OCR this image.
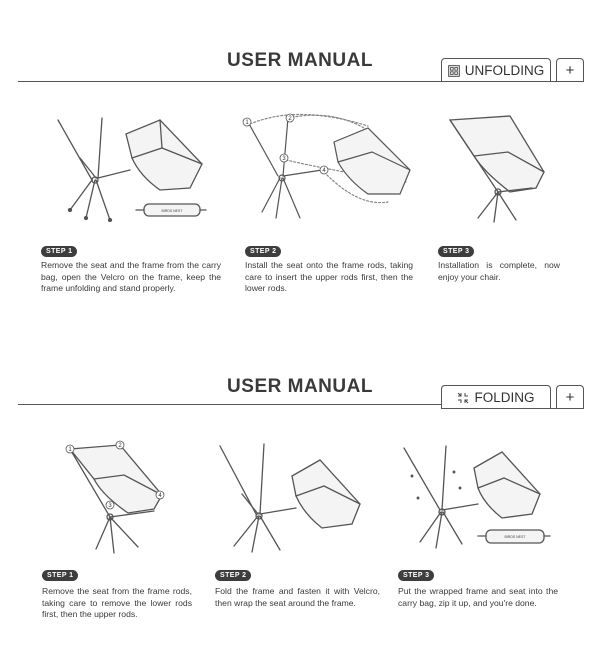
USER MANUAL	UNFOLDING	+
BIRDS NEST
1
2
3
4
STEP 1
Remove the seat and the frame from the carry bag, open the Velcro on the frame, keep the frame unfolding and stand properly.
STEP 2
Install the seat onto the frame rods, taking care to insert the upper rods first, then the lower rods.
STEP 3
Installation is complete, now enjoy your chair.
USER MANUAL
FOLDING	+
1
2
3
4
BIRDS NEST
STEP 1
Remove the seat from the frame rods, taking care to remove the lower rods first, then the upper rods.
STEP 2
Fold the frame and fasten it with Velcro, then wrap the seat around the frame.
STEP 3
Put the wrapped frame and seat into the carry bag, zip it up, and you're done.
